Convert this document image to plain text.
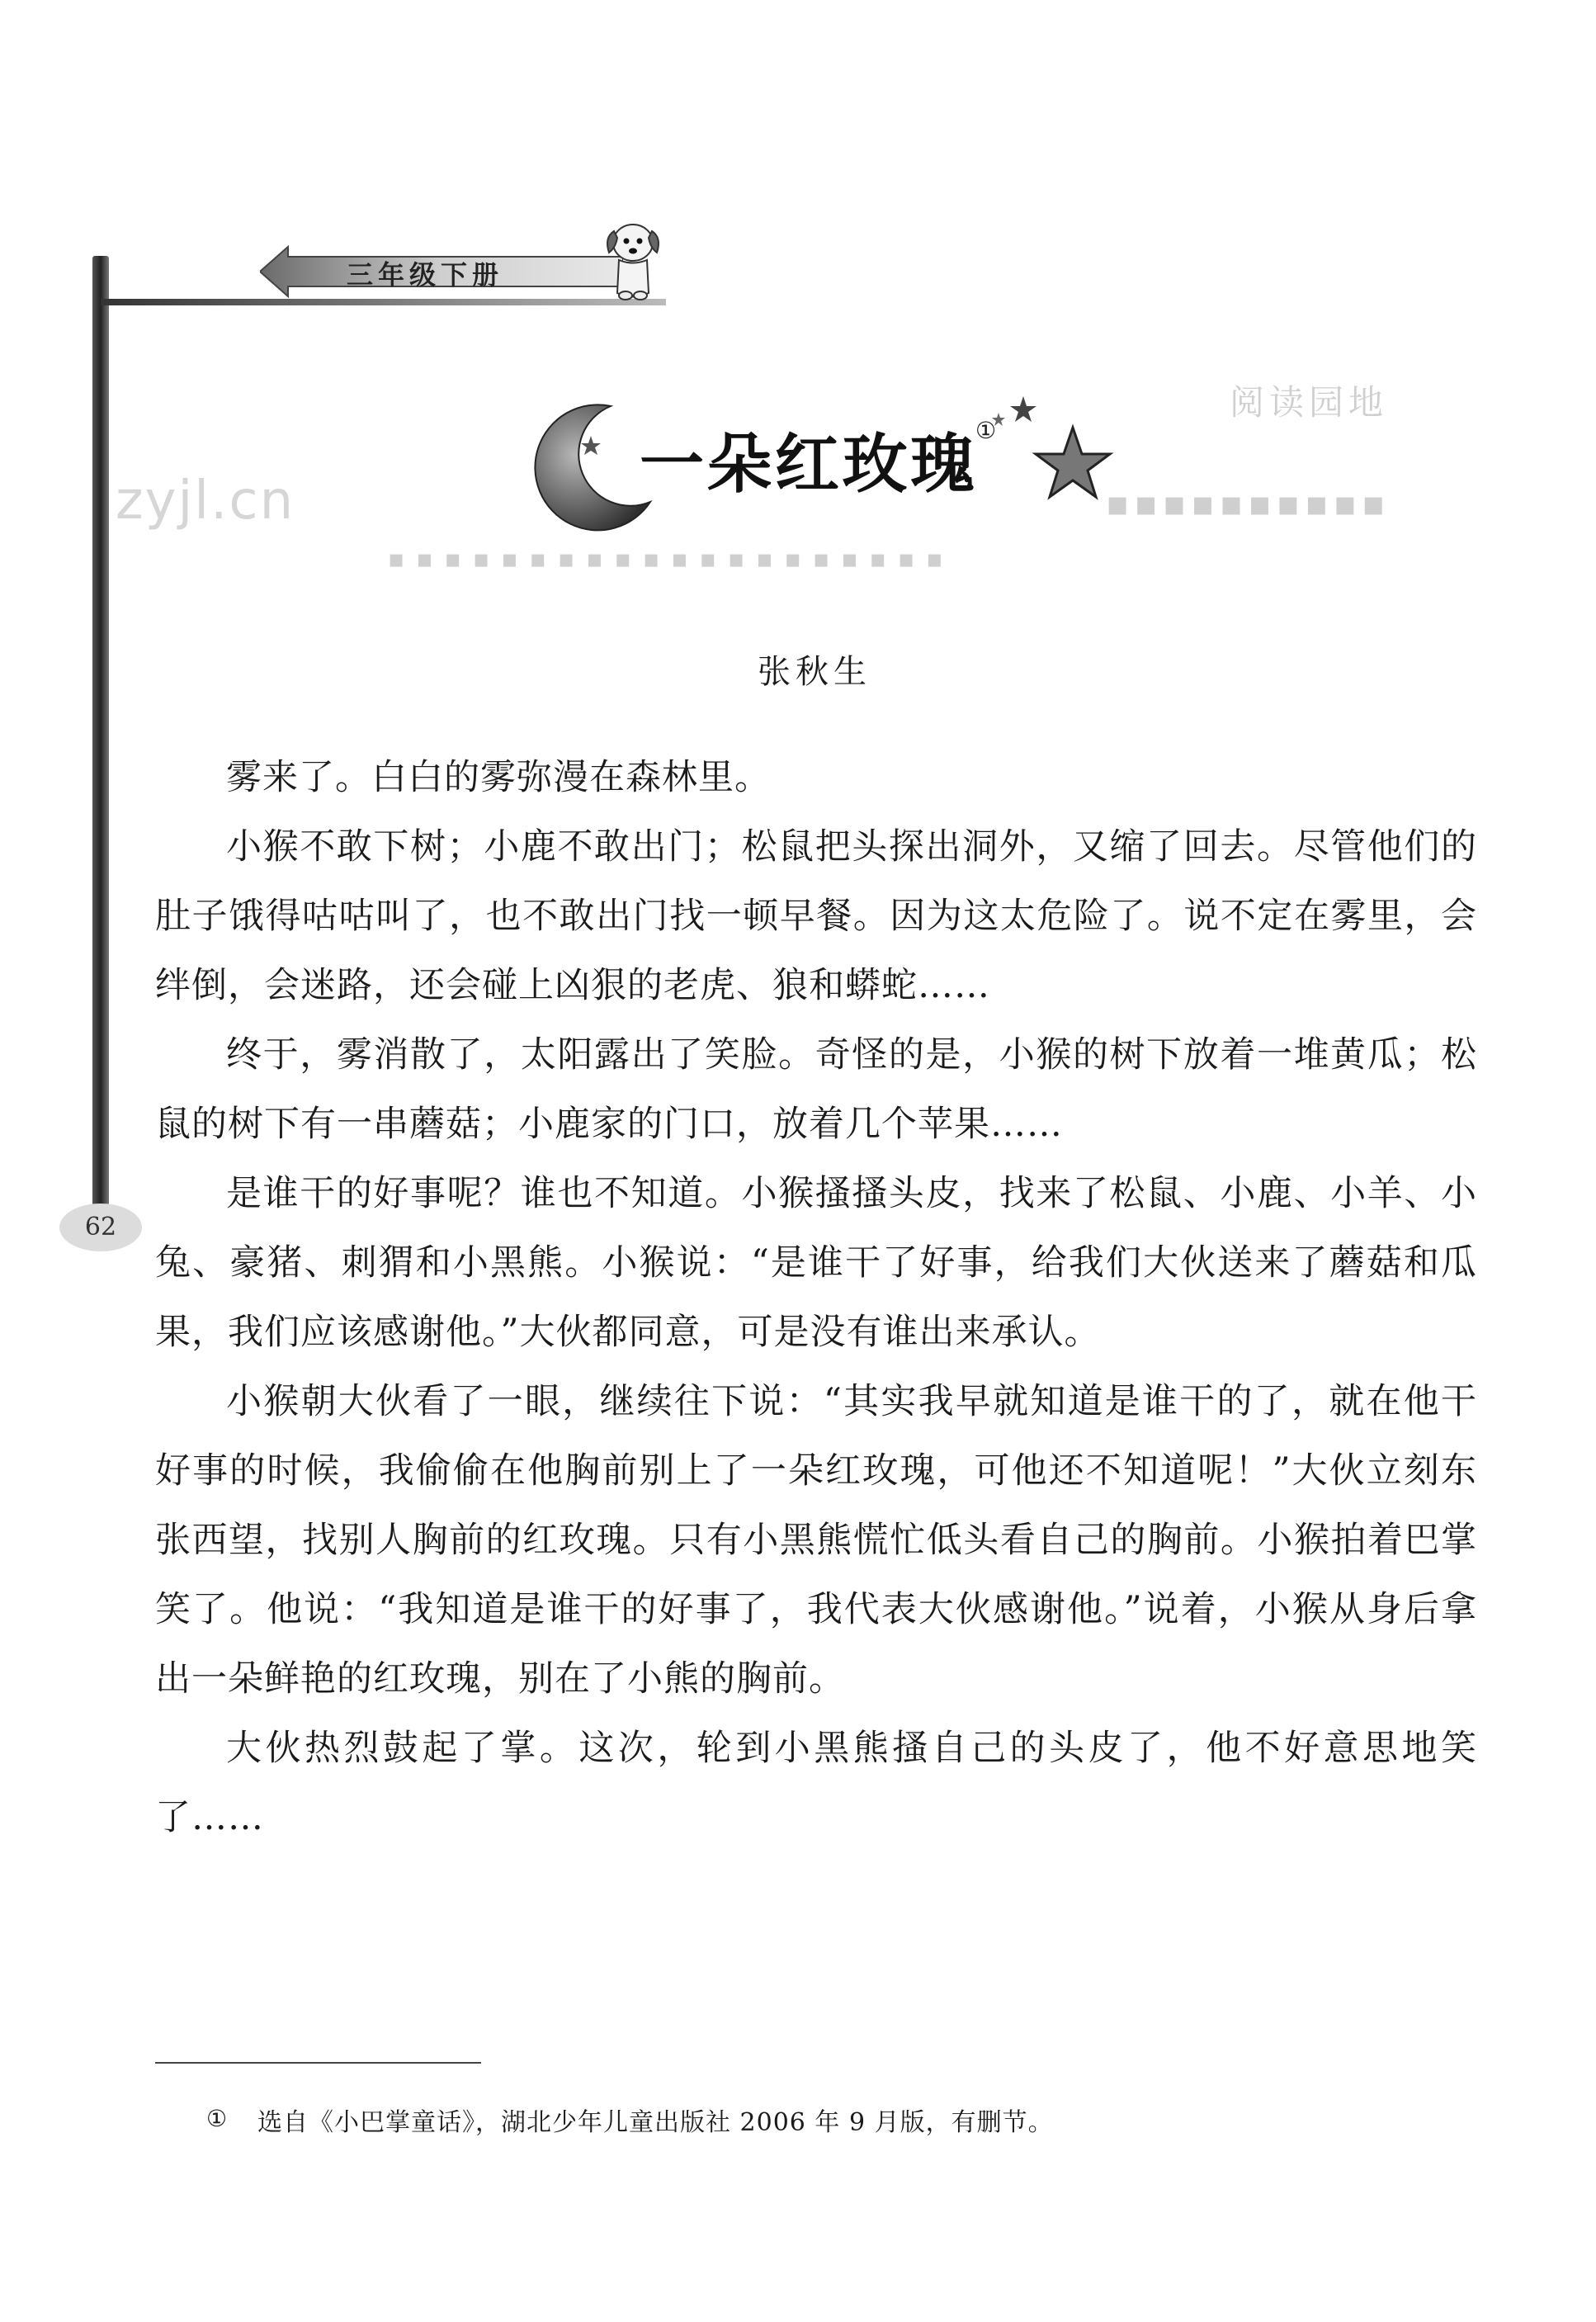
三年级下册
阅读园地
▪▪▪▪▪▪▪▪▪▪
▪▪▪▪▪▪▪▪▪▪▪▪▪▪▪▪▪▪▪▪
zyjl.cn	一朵红玫瑰
①
张秋生

雾来了。白白的雾弥漫在森林里。

小猴不敢下树；小鹿不敢出门；松鼠把头探出洞外，又缩了回去。尽管他们的肚子饿得咕咕叫了，也不敢出门找一顿早餐。因为这太危险了。说不定在雾里，会绊倒，会迷路，还会碰上凶狠的老虎、狼和蟒蛇……

终于，雾消散了，太阳露出了笑脸。奇怪的是，小猴的树下放着一堆黄瓜；松鼠的树下有一串蘑菇；小鹿家的门口，放着几个苹果……

是谁干的好事呢？谁也不知道。小猴搔搔头皮，找来了松鼠、小鹿、小羊、小兔、豪猪、刺猬和小黑熊。小猴说：“是谁干了好事，给我们大伙送来了蘑菇和瓜果，我们应该感谢他。”大伙都同意，可是没有谁出来承认。

小猴朝大伙看了一眼，继续往下说：“其实我早就知道是谁干的了，就在他干好事的时候，我偷偷在他胸前别上了一朵红玫瑰，可他还不知道呢！”大伙立刻东张西望，找别人胸前的红玫瑰。只有小黑熊慌忙低头看自己的胸前。小猴拍着巴掌笑了。他说：“我知道是谁干的好事了，我代表大伙感谢他。”说着，小猴从身后拿出一朵鲜艳的红玫瑰，别在了小熊的胸前。

大伙热烈鼓起了掌。这次，轮到小黑熊搔自己的头皮了，他不好意思地笑了……

62
① 选自《小巴掌童话》，湖北少年儿童出版社 2006 年 9 月版，有删节。
